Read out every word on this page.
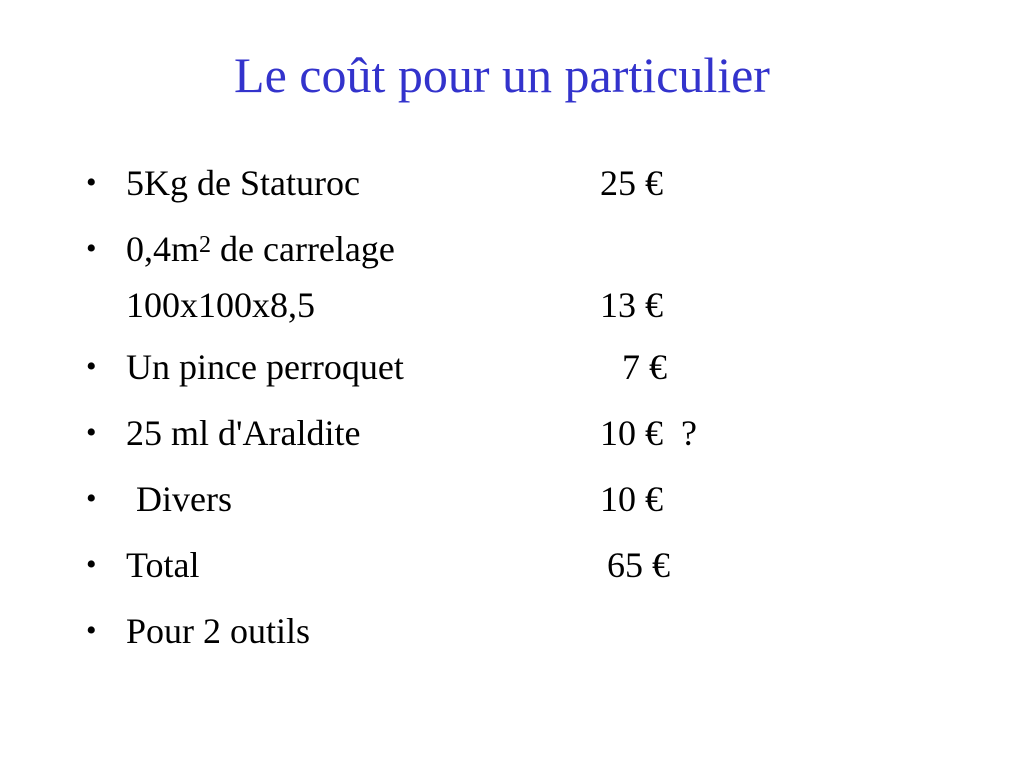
Le coût pour un particulier
• 5Kg de Staturoc	25 €
• $0,4m^2$ de carrelage
100x100x8,5	13 €
• Un pince perroquet	7 €
• 25 ml d'Araldite	10 €  ?
• Divers	10 €
• Total	65 €
• Pour 2 outils
